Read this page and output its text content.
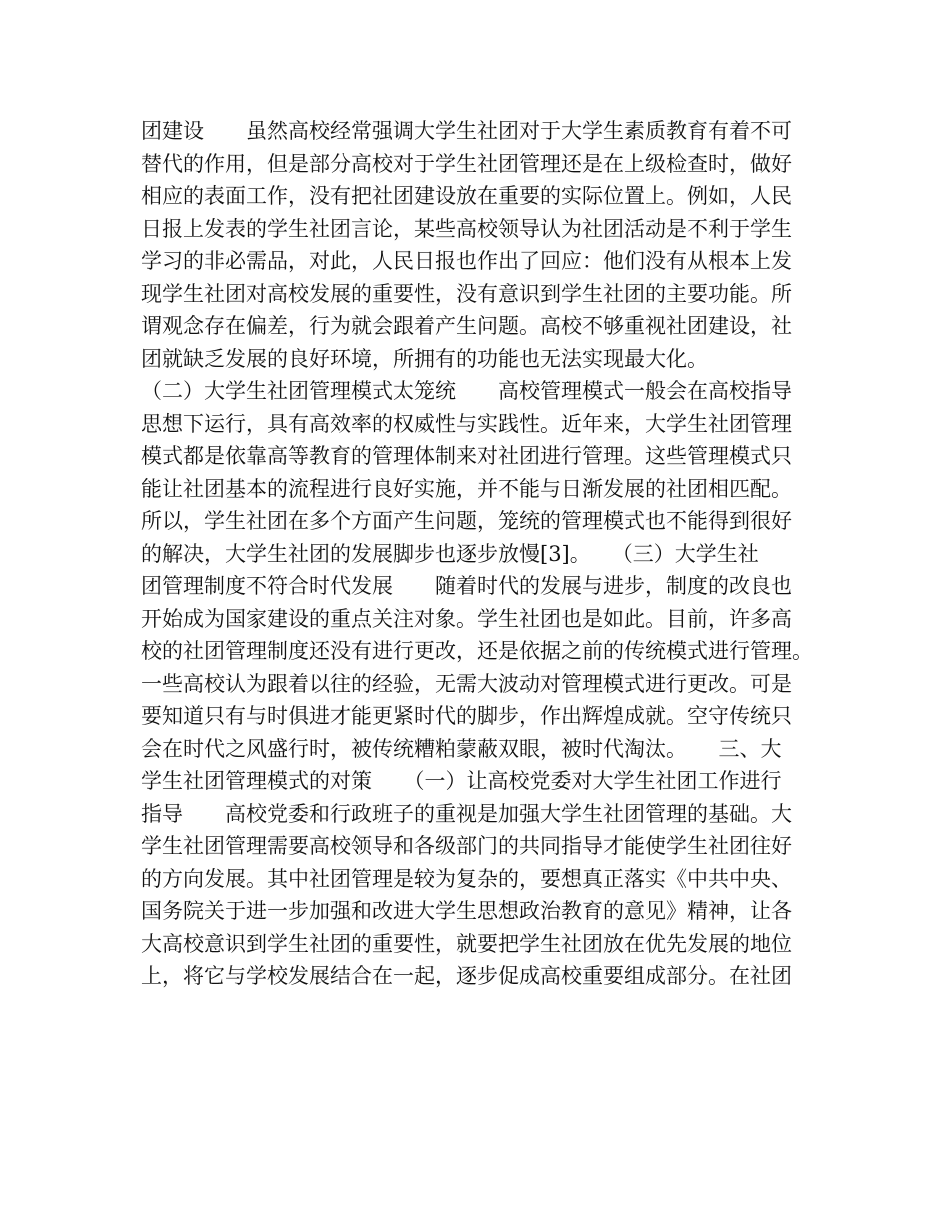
团建设　　虽然高校经常强调大学生社团对于大学生素质教育有着不可
替代的作用，但是部分高校对于学生社团管理还是在上级检查时，做好
相应的表面工作，没有把社团建设放在重要的实际位置上。例如，人民
日报上发表的学生社团言论，某些高校领导认为社团活动是不利于学生
学习的非必需品，对此，人民日报也作出了回应：他们没有从根本上发
现学生社团对高校发展的重要性，没有意识到学生社团的主要功能。所
谓观念存在偏差，行为就会跟着产生问题。高校不够重视社团建设，社
团就缺乏发展的良好环境，所拥有的功能也无法实现最大化。
（二）大学生社团管理模式太笼统　　高校管理模式一般会在高校指导
思想下运行，具有高效率的权威性与实践性。近年来，大学生社团管理
模式都是依靠高等教育的管理体制来对社团进行管理。这些管理模式只
能让社团基本的流程进行良好实施，并不能与日渐发展的社团相匹配。
所以，学生社团在多个方面产生问题，笼统的管理模式也不能得到很好
的解决，大学生社团的发展脚步也逐步放慢[3]。　　（三）大学生社
团管理制度不符合时代发展　　随着时代的发展与进步，制度的改良也
开始成为国家建设的重点关注对象。学生社团也是如此。目前，许多高
校的社团管理制度还没有进行更改，还是依据之前的传统模式进行管理。
一些高校认为跟着以往的经验，无需大波动对管理模式进行更改。可是
要知道只有与时俱进才能更紧时代的脚步，作出辉煌成就。空守传统只
会在时代之风盛行时，被传统糟粕蒙蔽双眼，被时代淘汰。　　三、大
学生社团管理模式的对策　　（一）让高校党委对大学生社团工作进行
指导　　高校党委和行政班子的重视是加强大学生社团管理的基础。大
学生社团管理需要高校领导和各级部门的共同指导才能使学生社团往好
的方向发展。其中社团管理是较为复杂的，要想真正落实《中共中央、
国务院关于进一步加强和改进大学生思想政治教育的意见》精神，让各
大高校意识到学生社团的重要性，就要把学生社团放在优先发展的地位
上，将它与学校发展结合在一起，逐步促成高校重要组成部分。在社团
